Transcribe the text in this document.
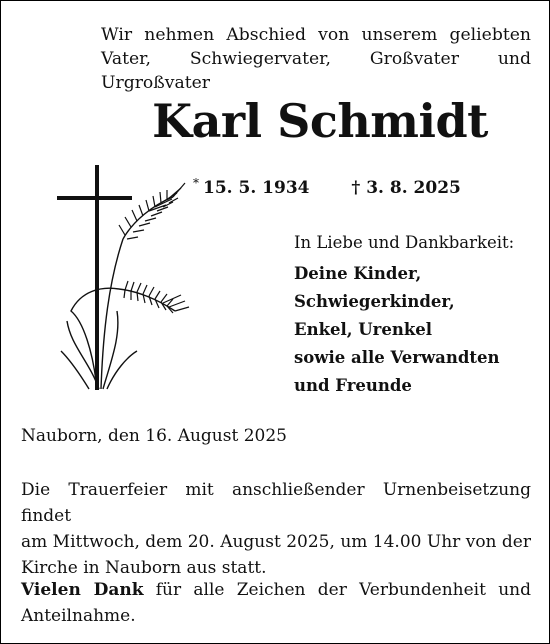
Wir nehmen Abschied von unserem geliebten
Vater, Schwiegervater, Großvater und Urgroßvater
Karl Schmidt
* 15. 5. 1934 † 3. 8. 2025
In Liebe und Dankbarkeit:
Deine Kinder,
Schwiegerkinder,
Enkel, Urenkel
sowie alle Verwandten
und Freunde
Nauborn, den 16. August 2025
Die Trauerfeier mit anschließender Urnenbeisetzung findet
am Mittwoch, dem 20. August 2025, um 14.00 Uhr von der
Kirche in Nauborn aus statt.
Vielen Dank für alle Zeichen der Verbundenheit und
Anteilnahme.
